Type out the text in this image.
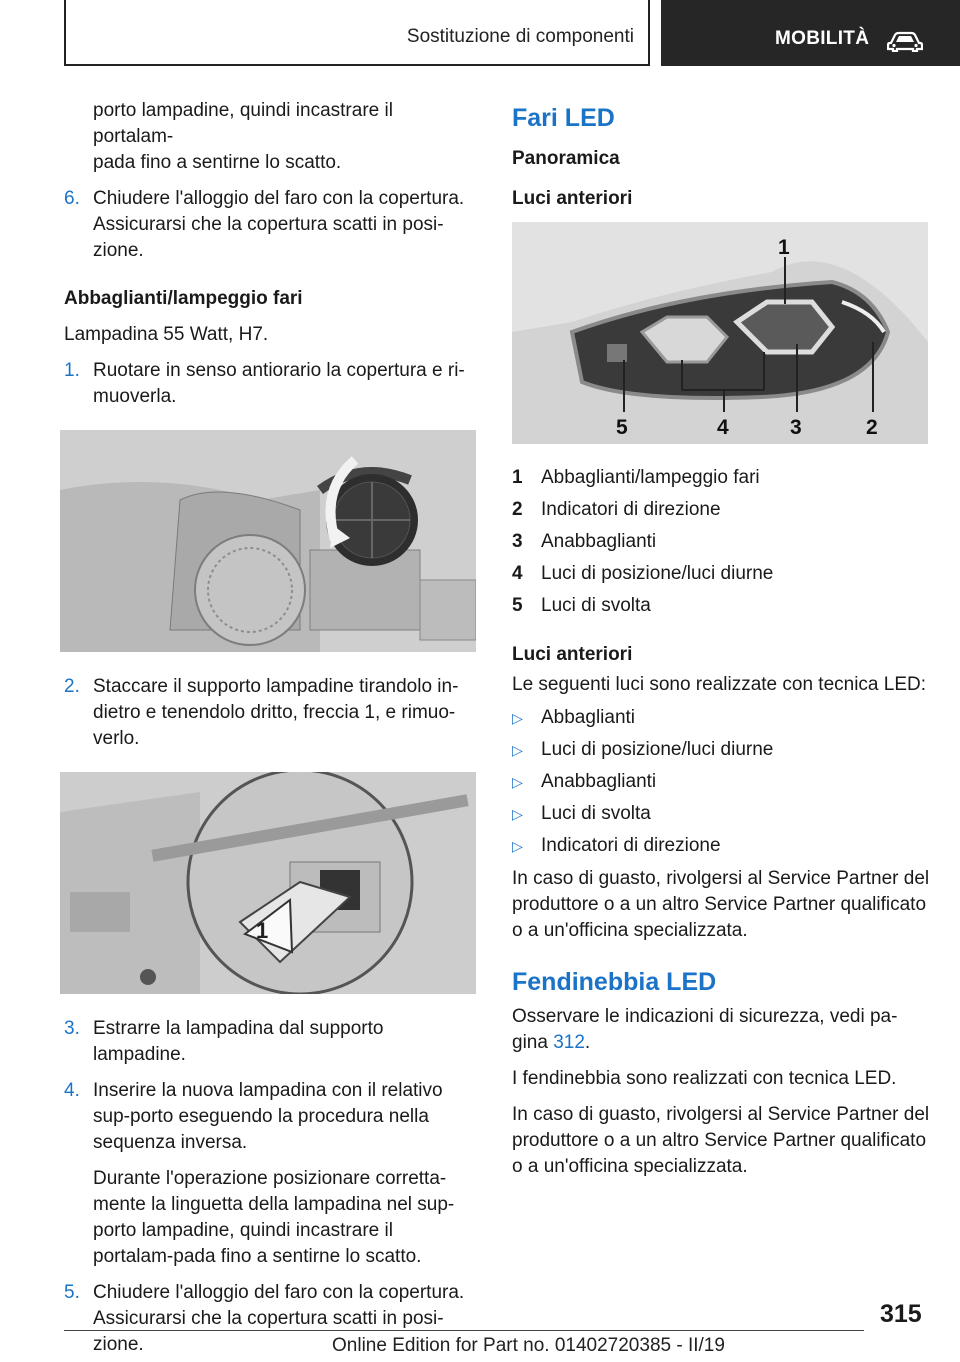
Sostituzione di componenti	MOBILITÀ
porto lampadine, quindi incastrare il portalam-
pada fino a sentirne lo scatto.
6. Chiudere l'alloggio del faro con la copertura. Assicurarsi che la copertura scatti in posi-zione.
Abbaglianti/lampeggio fari
Lampadina 55 Watt, H7.
1. Ruotare in senso antiorario la copertura e ri-muoverla.
2. Staccare il supporto lampadine tirandolo in-dietro e tenendolo dritto, freccia 1, e rimuo-verlo.
1
3. Estrarre la lampadina dal supporto lampadine.
4. Inserire la nuova lampadina con il relativo sup-porto eseguendo la procedura nella sequenza inversa.
Durante l'operazione posizionare corretta-mente la linguetta della lampadina nel sup-porto lampadine, quindi incastrare il portalam-pada fino a sentirne lo scatto.
5. Chiudere l'alloggio del faro con la copertura. Assicurarsi che la copertura scatti in posi-zione.
Fari LED
Panoramica
Luci anteriori
1
5	4	3	2
1 Abbaglianti/lampeggio fari
2 Indicatori di direzione
3 Anabbaglianti
4 Luci di posizione/luci diurne
5 Luci di svolta
Luci anteriori
Le seguenti luci sono realizzate con tecnica LED:
▷ Abbaglianti
▷ Luci di posizione/luci diurne
▷ Anabbaglianti
▷ Luci di svolta
▷ Indicatori di direzione
In caso di guasto, rivolgersi al Service Partner del produttore o a un altro Service Partner qualificato o a un'officina specializzata.
Fendinebbia LED
Osservare le indicazioni di sicurezza, vedi pa-gina 312.
I fendinebbia sono realizzati con tecnica LED.
In caso di guasto, rivolgersi al Service Partner del produttore o a un altro Service Partner qualificato o a un'officina specializzata.
315
Online Edition for Part no. 01402720385 - II/19
